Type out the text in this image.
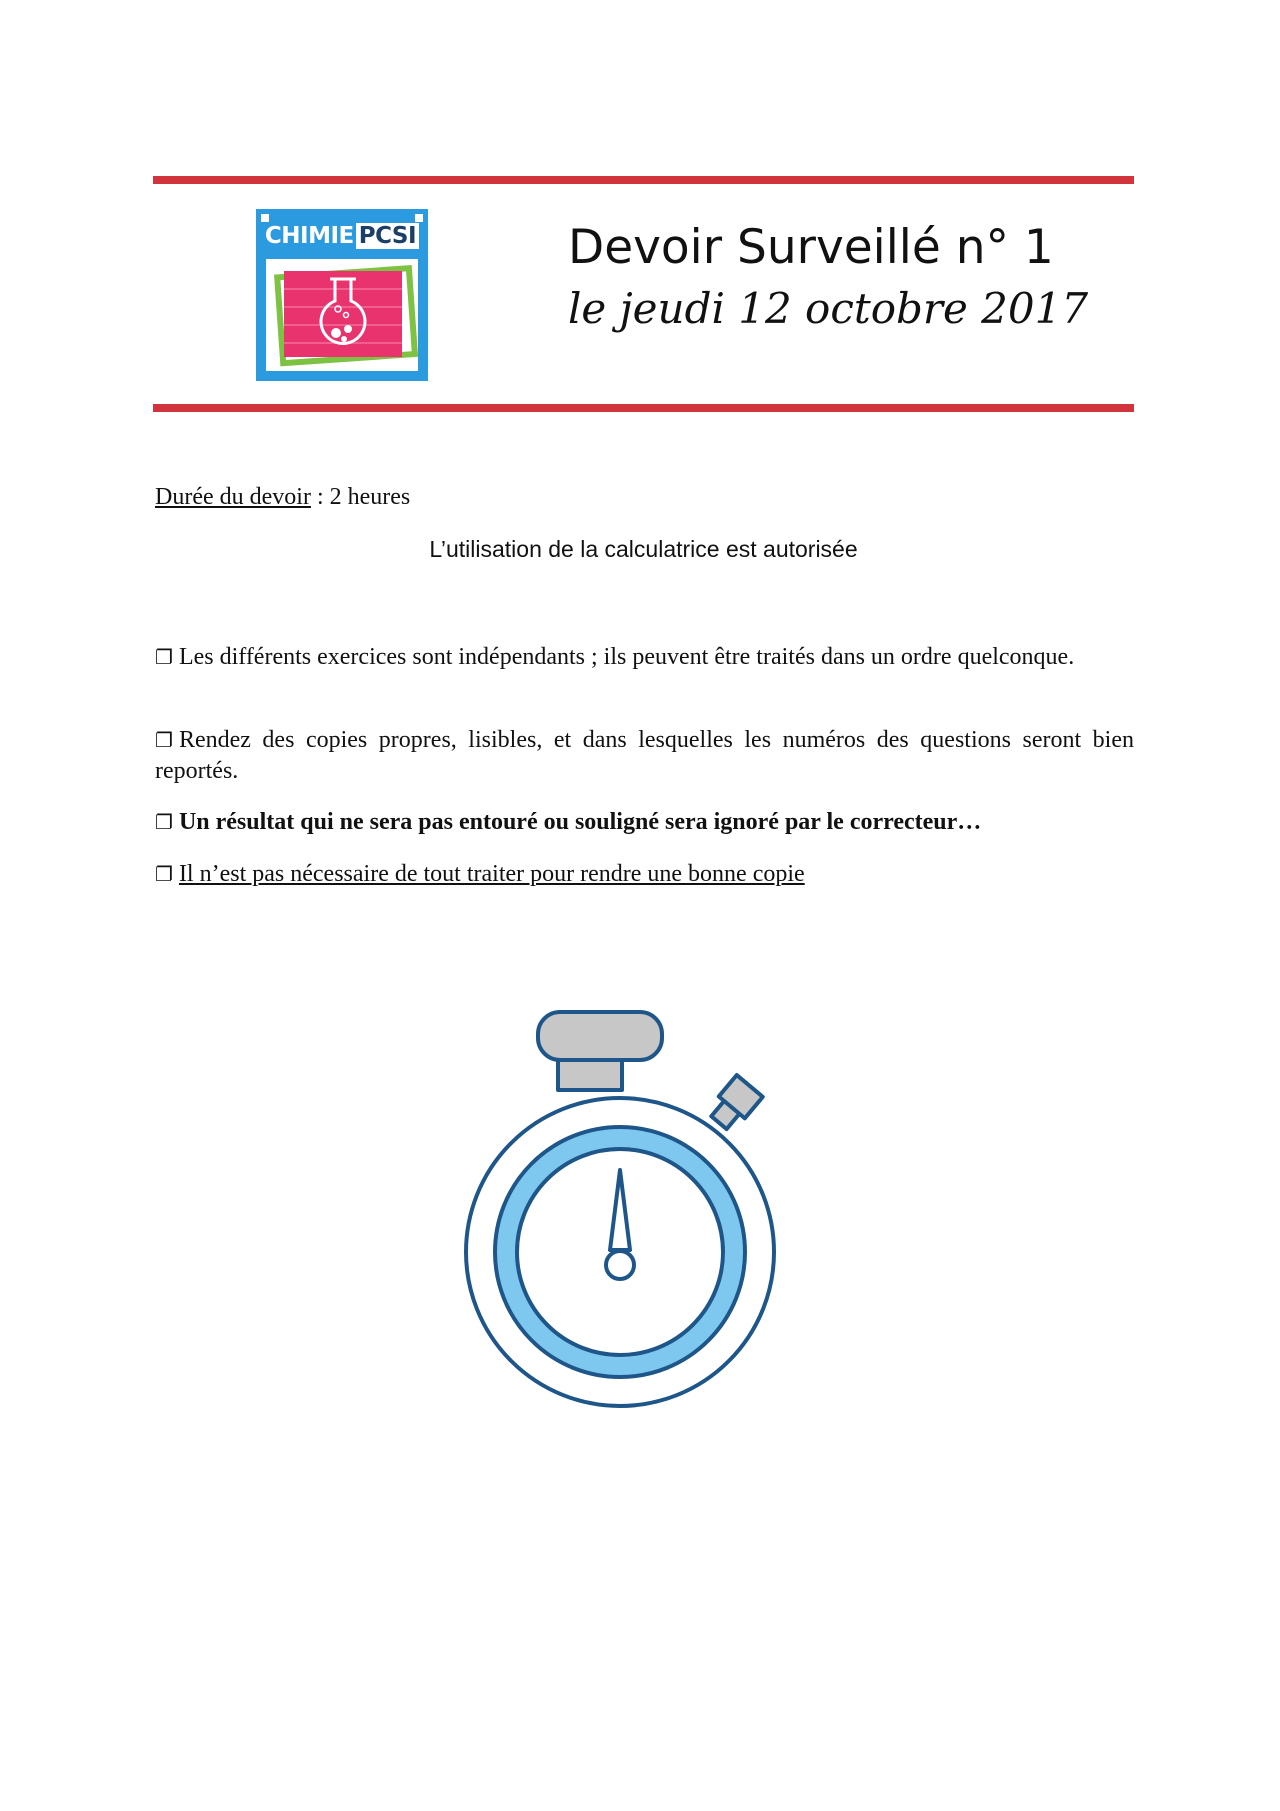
CHIMIE PCSI	Devoir Surveillé n° 1
le jeudi 12 octobre 2017
Durée du devoir : 2 heures
L’utilisation de la calculatrice est autorisée
❐ Les différents exercices sont indépendants ; ils peuvent être traités dans un ordre quelconque.
❐ Rendez des copies propres, lisibles, et dans lesquelles les numéros des questions seront bien reportés.
❐ Un résultat qui ne sera pas entouré ou souligné sera ignoré par le correcteur…
❐ Il n’est pas nécessaire de tout traiter pour rendre une bonne copie
